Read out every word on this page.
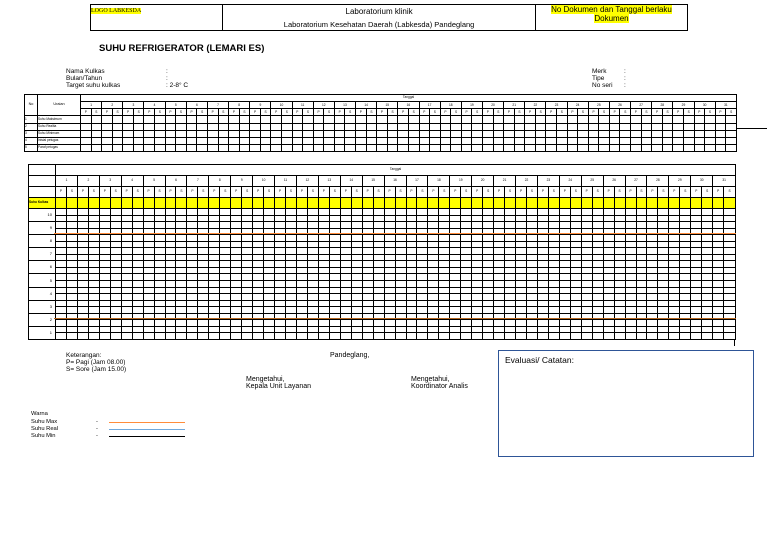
LOGO LABKESDA	Laboratorium klinik
Laboratorium Kesehatan Daerah (Labkesda) Pandeglang
	No Dokumen dan Tanggal berlaku Dokumen
SUHU REFRIGERATOR (LEMARI ES)
Nama Kulkas	:
Bulan/Tahun	:
Target suhu kulkas	: 2-8° C
Merk	:
Tipe	:
No seri	:
No	Uraian	Tanggal																																																													
		1		2		3		4		5		6		7		8		9		10		11		12		13		14		15		16		17		18		19		20		21		22		23		24		25		26		27		28		29		30		31	
		P	S	P	S	P	S	P	S	P	S	P	S	P	S	P	S	P	S	P	S	P	S	P	S	P	S	P	S	P	S	P	S	P	S	P	S	P	S	P	S	P	S	P	S	P	S	P	S	P	S	P	S	P	S	P	S	P	S	P	S	P	S
1	Suhu Maksimum																																																														
2	Suhu Realita																																																														
3	Suhu Minimum																																																														
4	Inisial petugas																																																														
5	Paraf petugas																																																														
	Tanggal																																																													
	1		2		3		4		5		6		7		8		9		10		11		12		13		14		15		16		17		18		19		20		21		22		23		24		25		26		27		28		29		30		31	
	P	S	P	S	P	S	P	S	P	S	P	S	P	S	P	S	P	S	P	S	P	S	P	S	P	S	P	S	P	S	P	S	P	S	P	S	P	S	P	S	P	S	P	S	P	S	P	S	P	S	P	S	P	S	P	S	P	S	P	S	P	S
Suhu Kulkas																																																														
10																																																														

9																																																														

8																																																														

7																																																														

6																																																														

5																																																														

4																																																														

3																																																														

2																																																														

1																																																														

Keterangan:
P= Pagi (Jam 08.00)
S= Sore (Jam 15.00)
Pandeglang,
Mengetahui,
Kepala Unit Layanan
Mengetahui,
Koordinator Analis
Evaluasi/ Catatan:
Warna
Suhu Max	-
Suhu Real	-
Suhu Min	-
